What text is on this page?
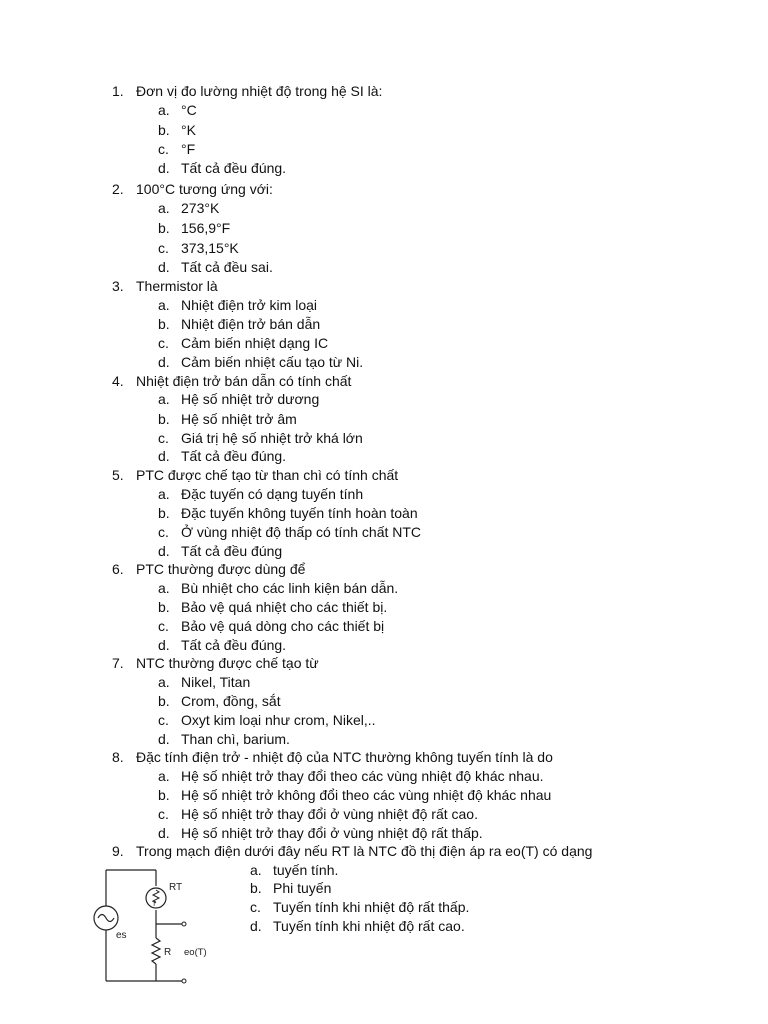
1. Đơn vị đo lường nhiệt độ trong hệ SI là:
a. °C
b. °K
c. °F
d. Tất cả đều đúng.
2. 100°C tương ứng với:
a. 273°K
b. 156,9°F
c. 373,15°K
d. Tất cả đều sai.
3. Thermistor là
a. Nhiệt điện trở kim loại
b. Nhiệt điện trở bán dẫn
c. Cảm biến nhiệt dạng IC
d. Cảm biến nhiệt cấu tạo từ Ni.
4. Nhiệt điện trở bán dẫn có tính chất
a. Hệ số nhiệt trở dương
b. Hệ số nhiệt trở âm
c. Giá trị hệ số nhiệt trở khá lớn
d. Tất cả đều đúng.
5. PTC được chế tạo từ than chì có tính chất
a. Đặc tuyến có dạng tuyến tính
b. Đặc tuyến không tuyến tính hoàn toàn
c. Ở vùng nhiệt độ thấp có tính chất NTC
d. Tất cả đều đúng
6. PTC thường được dùng để
a. Bù nhiệt cho các linh kiện bán dẫn.
b. Bảo vệ quá nhiệt cho các thiết bị.
c. Bảo vệ quá dòng cho các thiết bị
d. Tất cả đều đúng.
7. NTC thường được chế tạo từ
a. Nikel, Titan
b. Crom, đồng, sắt
c. Oxyt kim loại như crom, Nikel,..
d. Than chì, barium.
8. Đặc tính điện trở - nhiệt độ của NTC thường không tuyến tính là do
a. Hệ số nhiệt trở thay đổi theo các vùng nhiệt độ khác nhau.
b. Hệ số nhiệt trở không đổi theo các vùng nhiệt độ khác nhau
c. Hệ số nhiệt trở thay đổi ở vùng nhiệt độ rất cao.
d. Hệ số nhiệt trở thay đổi ở vùng nhiệt độ rất thấp.
9. Trong mạch điện dưới đây nếu RT là NTC đồ thị điện áp ra eo(T) có dạng
a. tuyến tính.
b. Phi tuyến
c. Tuyến tính khi nhiệt độ rất thấp.
d. Tuyến tính khi nhiệt độ rất cao.
es
RT
T
R eo(T)
